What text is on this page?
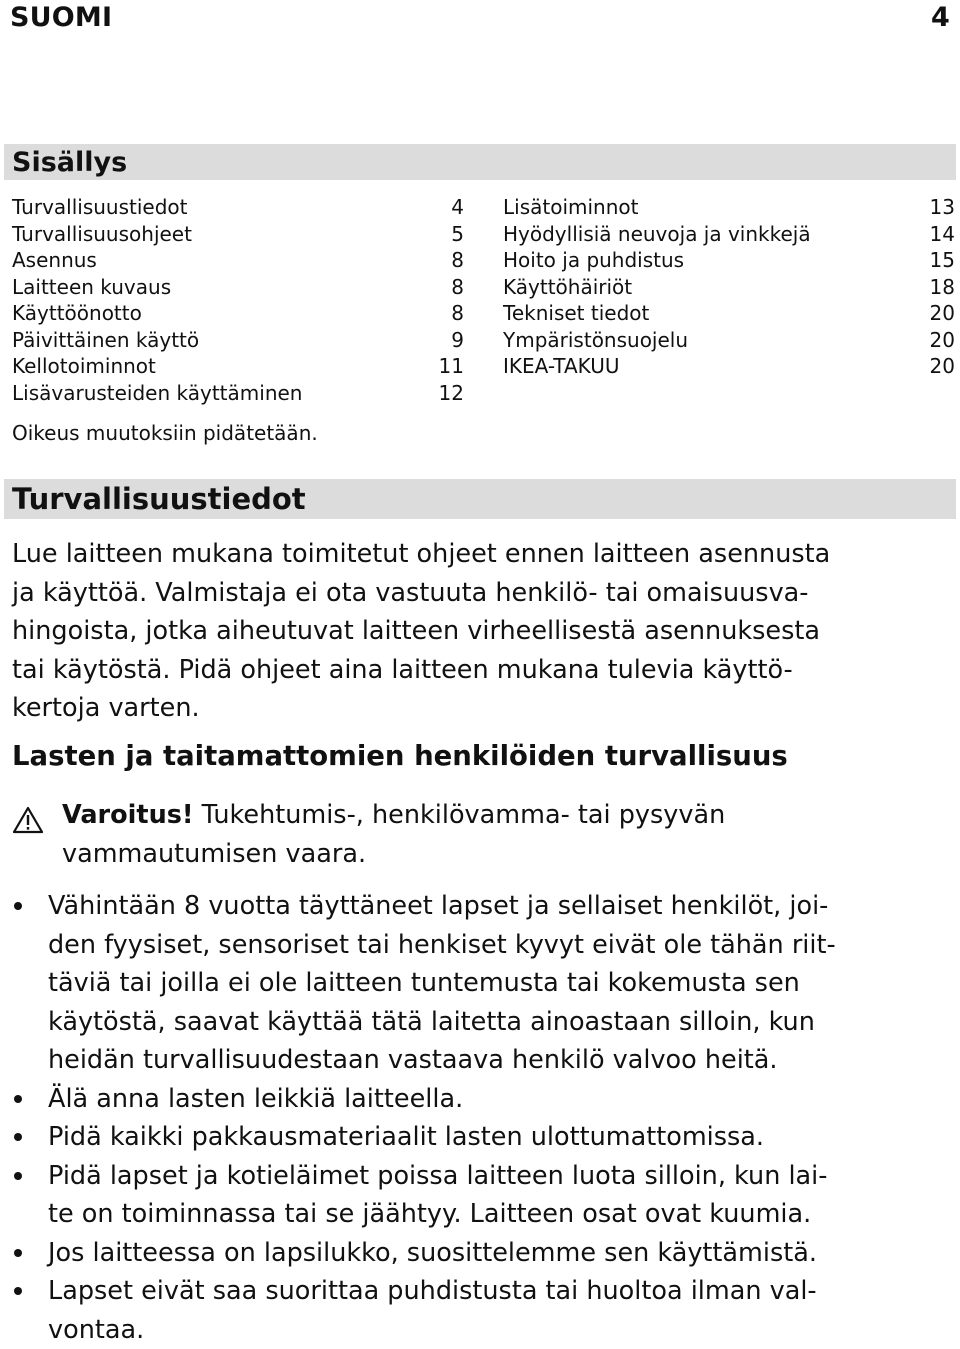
SUOMI	4
Sisällys
Turvallisuustiedot	4
Turvallisuusohjeet	5
Asennus	8
Laitteen kuvaus	8
Käyttöönotto	8
Päivittäinen käyttö	9
Kellotoiminnot	11
Lisävarusteiden käyttäminen	12
Lisätoiminnot	13
Hyödyllisiä neuvoja ja vinkkejä	14
Hoito ja puhdistus	15
Käyttöhäiriöt	18
Tekniset tiedot	20
Ympäristönsuojelu	20
IKEA-TAKUU	20
Oikeus muutoksiin pidätetään.
Turvallisuustiedot
Lue laitteen mukana toimitetut ohjeet ennen laitteen asennusta
ja käyttöä. Valmistaja ei ota vastuuta henkilö- tai omaisuusva-
hingoista, jotka aiheutuvat laitteen virheellisestä asennuksesta
tai käytöstä. Pidä ohjeet aina laitteen mukana tulevia käyttö-
kertoja varten.
Lasten ja taitamattomien henkilöiden turvallisuus
Varoitus! Tukehtumis-, henkilövamma- tai pysyvän
vammautumisen vaara.
Vähintään 8 vuotta täyttäneet lapset ja sellaiset henkilöt, joi-
den fyysiset, sensoriset tai henkiset kyvyt eivät ole tähän riit-
täviä tai joilla ei ole laitteen tuntemusta tai kokemusta sen
käytöstä, saavat käyttää tätä laitetta ainoastaan silloin, kun
heidän turvallisuudestaan vastaava henkilö valvoo heitä.
Älä anna lasten leikkiä laitteella.
Pidä kaikki pakkausmateriaalit lasten ulottumattomissa.
Pidä lapset ja kotieläimet poissa laitteen luota silloin, kun lai-
te on toiminnassa tai se jäähtyy. Laitteen osat ovat kuumia.
Jos laitteessa on lapsilukko, suosittelemme sen käyttämistä.
Lapset eivät saa suorittaa puhdistusta tai huoltoa ilman val-
vontaa.
